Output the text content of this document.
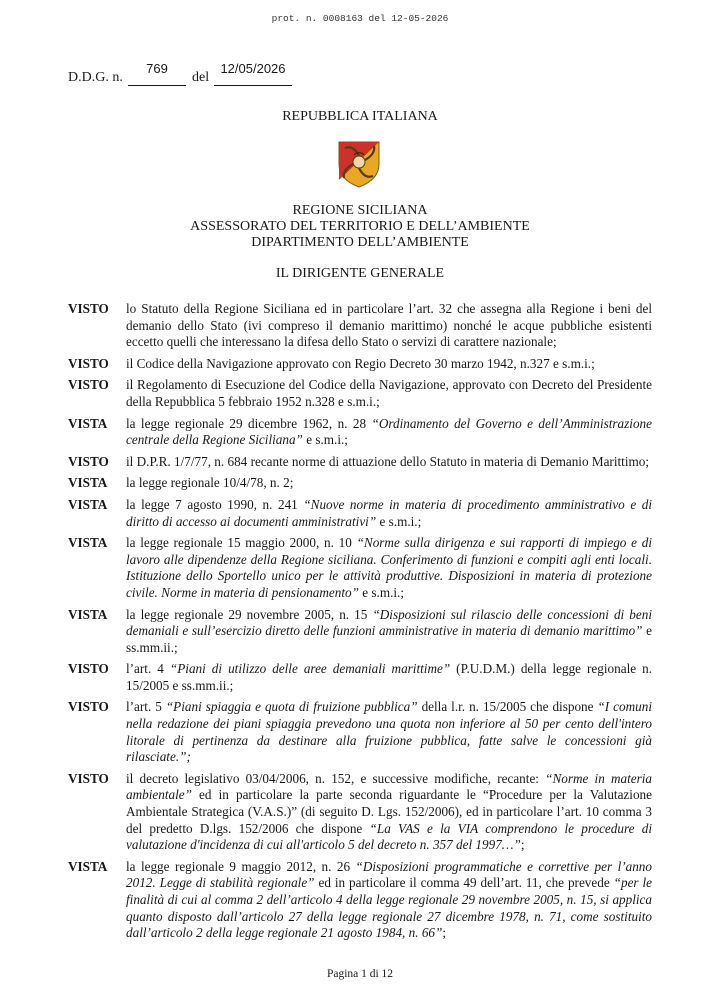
prot. n. 0008163 del 12-05-2026
D.D.G. n.
769
del
12/05/2026
REPUBBLICA ITALIANA
REGIONE SICILIANA
ASSESSORATO DEL TERRITORIO E DELL’AMBIENTE
DIPARTIMENTO DELL’AMBIENTE
IL DIRIGENTE GENERALE
VISTO	lo Statuto della Regione Siciliana ed in particolare l’art. 32 che assegna alla Regione i beni del demanio dello Stato (ivi compreso il demanio marittimo) nonché le acque pubbliche esistenti eccetto quelli che interessano la difesa dello Stato o servizi di carattere nazionale;
VISTO	il Codice della Navigazione approvato con Regio Decreto 30 marzo 1942, n.327 e s.m.i.;
VISTO	il Regolamento di Esecuzione del Codice della Navigazione, approvato con Decreto del Presidente della Repubblica 5 febbraio 1952 n.328 e s.m.i.;
VISTA	la legge regionale 29 dicembre 1962, n. 28 “Ordinamento del Governo e dell’Amministrazione centrale della Regione Siciliana” e s.m.i.;
VISTO	il D.P.R. 1/7/77, n. 684 recante norme di attuazione dello Statuto in materia di Demanio Marittimo;
VISTA	la legge regionale 10/4/78, n. 2;
VISTA	la legge 7 agosto 1990, n. 241 “Nuove norme in materia di procedimento amministrativo e di diritto di accesso ai documenti amministrativi” e s.m.i.;
VISTA	la legge regionale 15 maggio 2000, n. 10 “Norme sulla dirigenza e sui rapporti di impiego e di lavoro alle dipendenze della Regione siciliana. Conferimento di funzioni e compiti agli enti locali. Istituzione dello Sportello unico per le attività produttive. Disposizioni in materia di protezione civile. Norme in materia di pensionamento” e s.m.i.;
VISTA	la legge regionale 29 novembre 2005, n. 15 “Disposizioni sul rilascio delle concessioni di beni demaniali e sull’esercizio diretto delle funzioni amministrative in materia di demanio marittimo” e ss.mm.ii.;
VISTO	l’art. 4 “Piani di utilizzo delle aree demaniali marittime” (P.U.D.M.) della legge regionale n. 15/2005 e ss.mm.ii.;
VISTO	l’art. 5 “Piani spiaggia e quota di fruizione pubblica” della l.r. n. 15/2005 che dispone “I comuni nella redazione dei piani spiaggia prevedono una quota non inferiore al 50 per cento dell'intero litorale di pertinenza da destinare alla fruizione pubblica, fatte salve le concessioni già rilasciate.”;
VISTO	il decreto legislativo 03/04/2006, n. 152, e successive modifiche, recante: “Norme in materia ambientale” ed in particolare la parte seconda riguardante le “Procedure per la Valutazione Ambientale Strategica (V.A.S.)” (di seguito D. Lgs. 152/2006), ed in particolare l’art. 10 comma 3 del predetto D.lgs. 152/2006 che dispone “La VAS e la VIA comprendono le procedure di valutazione d'incidenza di cui all'articolo 5 del decreto n. 357 del 1997…”;
VISTA	la legge regionale 9 maggio 2012, n. 26 “Disposizioni programmatiche e correttive per l’anno 2012. Legge di stabilità regionale” ed in particolare il comma 49 dell’art. 11, che prevede “per le finalità di cui al comma 2 dell’articolo 4 della legge regionale 29 novembre 2005, n. 15, si applica quanto disposto dall’articolo 27 della legge regionale 27 dicembre 1978, n. 71, come sostituito dall’articolo 2 della legge regionale 21 agosto 1984, n. 66”;
Pagina 1 di 12
